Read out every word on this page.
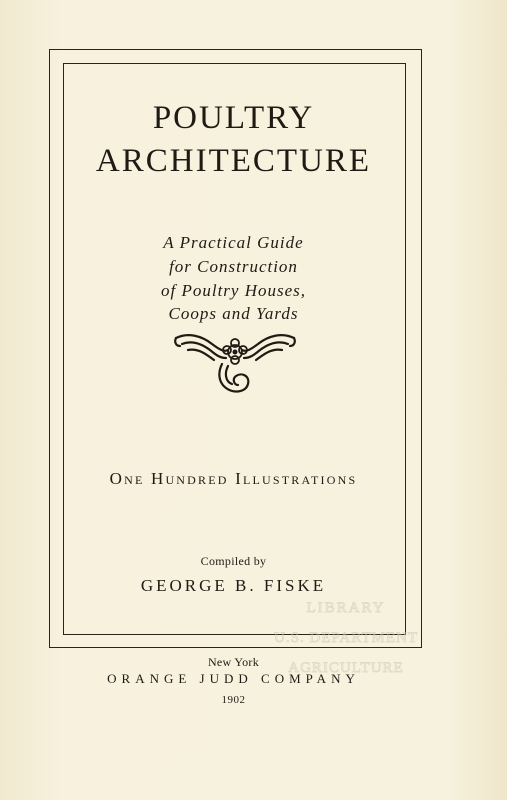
POULTRY
ARCHITECTURE
A Practical Guide
for Construction
of Poultry Houses,
Coops and Yards
One Hundred Illustrations
Compiled by
GEORGE B. FISKE
New York
ORANGE JUDD COMPANY
1902
LIBRARY
U.S. DEPARTMENT
AGRICULTURE
